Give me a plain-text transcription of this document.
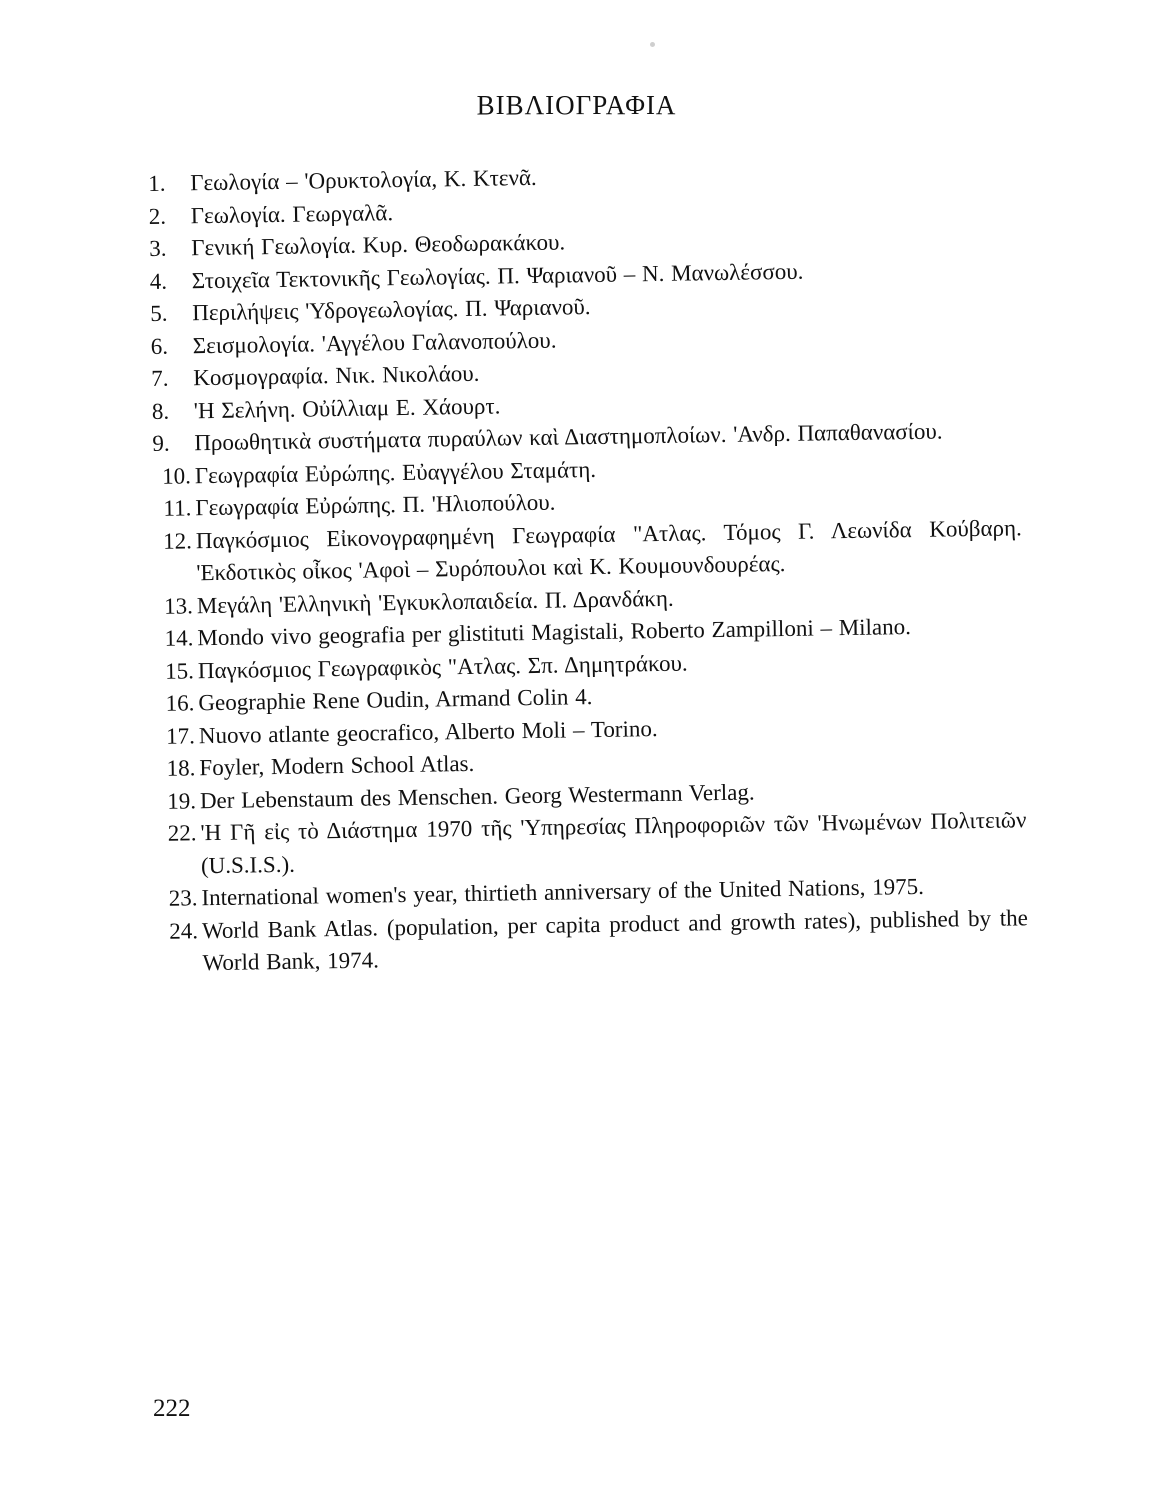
ΒΙΒΛΙΟΓΡΑΦΙΑ
1.	Γεωλογία – 'Ορυκτολογία, Κ. Κτενᾶ.
2.	Γεωλογία. Γεωργαλᾶ.
3.	Γενική Γεωλογία. Κυρ. Θεοδωρακάκου.
4.	Στοιχεῖα Τεκτονικῆς Γεωλογίας. Π. Ψαριανοῦ – Ν. Μανωλέσσου.
5.	Περιλήψεις 'Υδρογεωλογίας. Π. Ψαριανοῦ.
6.	Σεισμολογία. 'Αγγέλου Γαλανοπούλου.
7.	Κοσμογραφία. Νικ. Νικολάου.
8.	'Η Σελήνη. Οὐίλλιαμ Ε. Χάουρτ.
9.	Προωθητικὰ συστήματα πυραύλων καὶ Διαστημοπλοίων. 'Ανδρ. Παπαθανασίου.
10. Γεωγραφία Εὐρώπης. Εὐαγγέλου Σταμάτη.
11. Γεωγραφία Εὐρώπης. Π. 'Ηλιοπούλου.
12. Παγκόσμιος Εἰκονογραφημένη Γεωγραφία "Ατλας. Τόμος Γ. Λεωνίδα Κούβαρη. 'Εκδοτικὸς οἶκος 'Αφοὶ – Συρόπουλοι καὶ Κ. Κουμουνδουρέας.
13. Μεγάλη 'Ελληνικὴ 'Εγκυκλοπαιδεία. Π. Δρανδάκη.
14. Mondo vivo geografia per glistituti Magistali, Roberto Zampilloni – Milano.
15. Παγκόσμιος Γεωγραφικὸς "Ατλας. Σπ. Δημητράκου.
16. Geographie Rene Oudin, Armand Colin 4.
17. Nuovo atlante geocrafico, Alberto Moli – Torino.
18. Foyler, Modern School Atlas.
19. Der Lebenstaum des Menschen. Georg Westermann Verlag.
22. 'Η Γῆ εἰς τὸ Διάστημα 1970 τῆς 'Υπηρεσίας Πληροφοριῶν τῶν 'Ηνωμένων Πολιτειῶν (U.S.I.S.).
23. International women's year, thirtieth anniversary of the United Nations, 1975.
24. World Bank Atlas. (population, per capita product and growth rates), published by the World Bank, 1974.

222
